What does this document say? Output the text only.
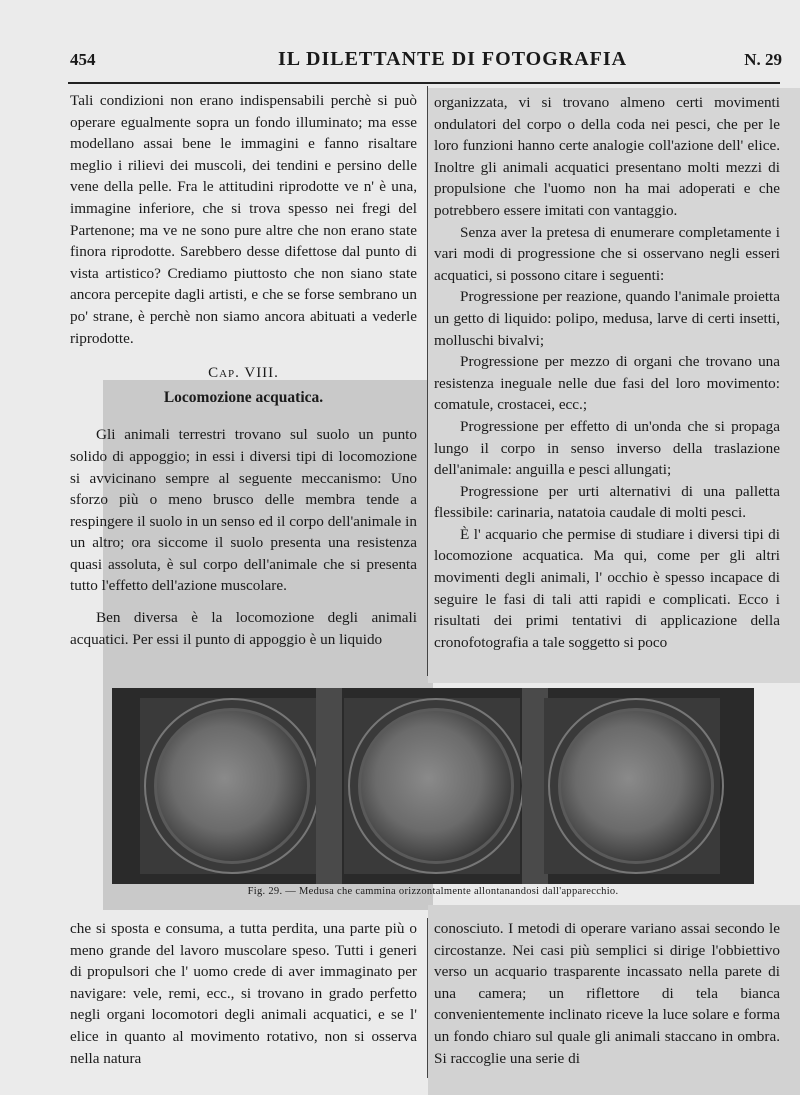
454	IL DILETTANTE DI FOTOGRAFIA	N. 29

Tali condizioni non erano indispensabili perchè si può operare egualmente sopra un fondo illuminato; ma esse modellano assai bene le immagini e fanno risaltare meglio i rilievi dei muscoli, dei tendini e persino delle vene della pelle. Fra le attitudini riprodotte ve n' è una, immagine inferiore, che si trova spesso nei fregi del Partenone; ma ve ne sono pure altre che non erano state finora riprodotte. Sarebbero desse difettose dal punto di vista artistico? Crediamo piuttosto che non siano state ancora percepite dagli artisti, e che se forse sembrano un po' strane, è perchè non siamo ancora abituati a vederle riprodotte.

Cap. VIII.

Locomozione acquatica.

Gli animali terrestri trovano sul suolo un punto solido di appoggio; in essi i diversi tipi di locomozione si avvicinano sempre al seguente meccanismo: Uno sforzo più o meno brusco delle membra tende a respingere il suolo in un senso ed il corpo dell'animale in un altro; ora siccome il suolo presenta una resistenza quasi assoluta, è sul corpo dell'animale che si presenta tutto l'effetto dell'azione muscolare.

Ben diversa è la locomozione degli animali acquatici. Per essi il punto di appoggio è un liquido

organizzata, vi si trovano almeno certi movimenti ondulatori del corpo o della coda nei pesci, che per le loro funzioni hanno certe analogie coll'azione dell' elice. Inoltre gli animali acquatici presentano molti mezzi di propulsione che l'uomo non ha mai adoperati e che potrebbero essere imitati con vantaggio.

Senza aver la pretesa di enumerare completamente i vari modi di progressione che si osservano negli esseri acquatici, si possono citare i seguenti:

Progressione per reazione, quando l'animale proietta un getto di liquido: polipo, medusa, larve di certi insetti, molluschi bivalvi;

Progressione per mezzo di organi che trovano una resistenza ineguale nelle due fasi del loro movimento: comatule, crostacei, ecc.;

Progressione per effetto di un'onda che si propaga lungo il corpo in senso inverso della traslazione dell'animale: anguilla e pesci allungati;

Progressione per urti alternativi di una palletta flessibile: carinaria, natatoia caudale di molti pesci.

È l' acquario che permise di studiare i diversi tipi di locomozione acquatica. Ma qui, come per gli altri movimenti degli animali, l' occhio è spesso incapace di seguire le fasi di tali atti rapidi e complicati. Ecco i risultati dei primi tentativi di applicazione della cronofotografia a tale soggetto si poco

Fig. 29. — Medusa che cammina orizzontalmente allontanandosi dall'apparecchio.

che si sposta e consuma, a tutta perdita, una parte più o meno grande del lavoro muscolare speso. Tutti i generi di propulsori che l' uomo crede di aver immaginato per navigare: vele, remi, ecc., si trovano in grado perfetto negli organi locomotori degli animali acquatici, e se l' elice in quanto al movimento rotativo, non si osserva nella natura

conosciuto. I metodi di operare variano assai secondo le circostanze. Nei casi più semplici si dirige l'obbiettivo verso un acquario trasparente incassato nella parete di una camera; un riflettore di tela bianca convenientemente inclinato riceve la luce solare e forma un fondo chiaro sul quale gli animali staccano in ombra. Si raccoglie una serie di
